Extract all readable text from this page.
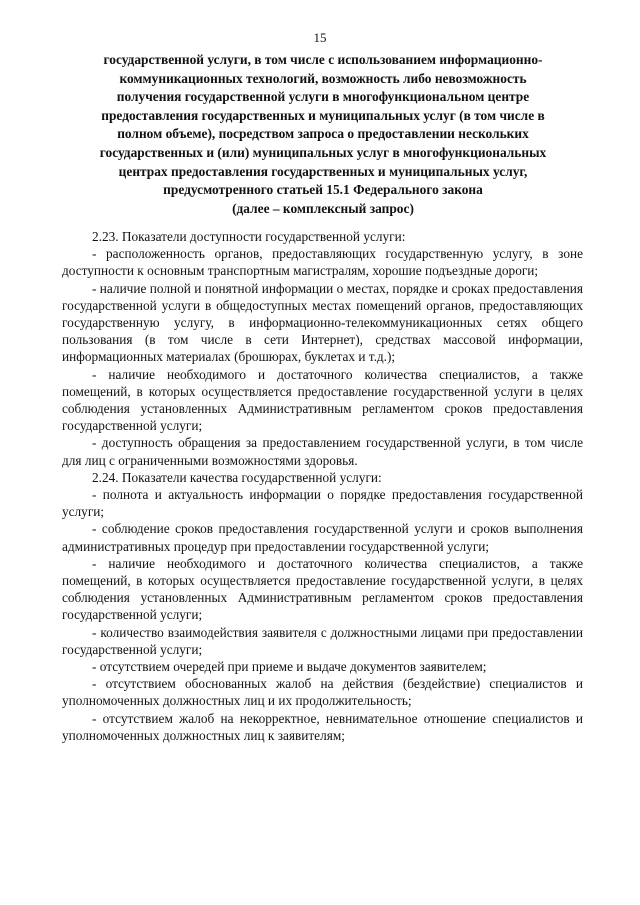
15
государственной услуги, в том числе с использованием информационно-
коммуникационных технологий, возможность либо невозможность
получения государственной услуги в многофункциональном центре
предоставления государственных и муниципальных услуг (в том числе в
полном объеме), посредством запроса о предоставлении нескольких
государственных и (или) муниципальных услуг в многофункциональных
центрах предоставления государственных и муниципальных услуг,
предусмотренного статьей 15.1 Федерального закона
(далее – комплексный запрос)

2.23. Показатели доступности государственной услуги:

- расположенность органов, предоставляющих государственную услугу, в зоне доступности к основным транспортным магистралям, хорошие подъездные дороги;

- наличие полной и понятной информации о местах, порядке и сроках предоставления государственной услуги в общедоступных местах помещений органов, предоставляющих государственную услугу, в информационно-телекоммуникационных сетях общего пользования (в том числе в сети Интернет), средствах массовой информации, информационных материалах (брошюрах, буклетах и т.д.);

- наличие необходимого и достаточного количества специалистов, а также помещений, в которых осуществляется предоставление государственной услуги в целях соблюдения установленных Административным регламентом сроков предоставления государственной услуги;

- доступность обращения за предоставлением государственной услуги, в том числе для лиц с ограниченными возможностями здоровья.

2.24. Показатели качества государственной услуги:

- полнота и актуальность информации о порядке предоставления государственной услуги;

- соблюдение сроков предоставления государственной услуги и сроков выполнения административных процедур при предоставлении государственной услуги;

- наличие необходимого и достаточного количества специалистов, а также помещений, в которых осуществляется предоставление государственной услуги, в целях соблюдения установленных Административным регламентом сроков предоставления государственной услуги;

- количество взаимодействия заявителя с должностными лицами при предоставлении государственной услуги;

- отсутствием очередей при приеме и выдаче документов заявителем;

- отсутствием обоснованных жалоб на действия (бездействие) специалистов и уполномоченных должностных лиц и их продолжительность;

- отсутствием жалоб на некорректное, невнимательное отношение специалистов и уполномоченных должностных лиц к заявителям;
